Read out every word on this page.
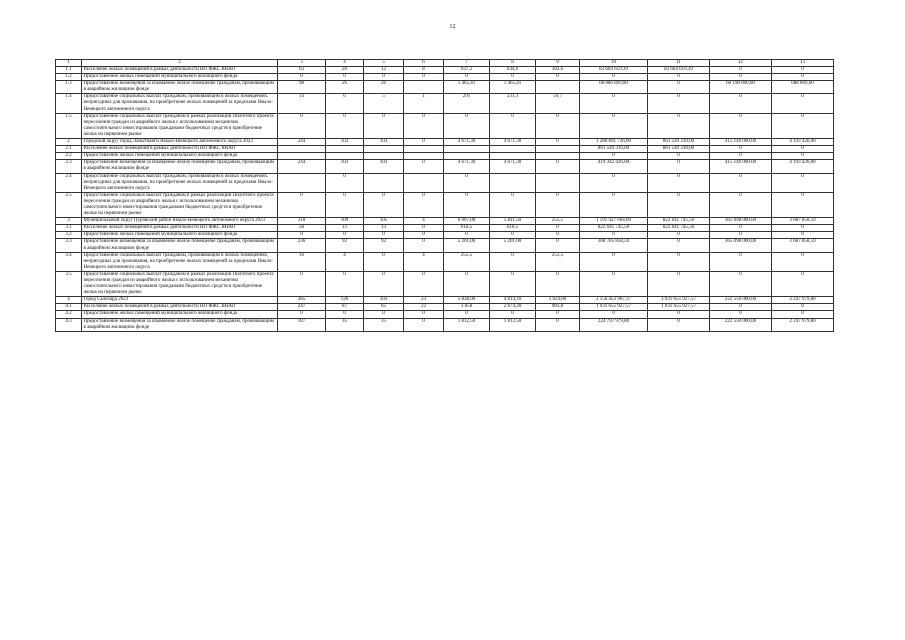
12
1	2	3	4	5	6	7	8	9	10	11	12	13
1.1	Расселение жилых помещений в рамках деятельности НО ФЖС ЯНАО	63	20	12	8	937,2	634,6	302,6	83 664 619,39	83 664 619,39	0	0
1.2	Предоставление жилых помещений муниципального жилищного фонда	0	0	0	0	0	0	0	0	0	0	0
1.3	Предоставление возмещения за изымаемое жилое помещение гражданам, проживающим в аварийном жилищном фонде	98	26	26		1 465,41	1 465,41		68 886 869,00	0	68 198 000,00	688 869,00
1.4	Предоставление социальных выплат гражданам, проживающим в жилых помещениях, непригодных для проживания, на приобретение жилых помещений за пределами Ямало-Ненецкого автономного округа	14	6	5	1	291	231,3	59,7	0	0	0	0
1.5	Предоставление социальных выплат гражданам в рамках реализации Пилотного проекта переселения граждан из аварийного жилья с использованием механизма самостоятельного инвестирования гражданами бюджетных средств в приобретение жилья на первичном рынке	0	0	0	0	0	0	0	0	0	0	0
2	Городской округ город Лабытнанги Ямало-Ненецкого автономного округа 2023	244	103	103	0	4 671,30	4 671,30	0	1 280 891 736,00	861 549 310,00	415 149 000,00	4 193 426,00
2.1	Расселение жилых помещений в рамках деятельности НО ФЖС ЯНАО								861 549 310,00	861 549 310,00	0	0
2.2	Предоставление жилых помещений муниципального жилищного фонда								0	0	0	0
2.3	Предоставление возмещения за изымаемое жилое помещение гражданам, проживающим в аварийном жилищном фонде	244	103	103	0	4 671,30	4 671,30	0	419 342 426,00	0	415 149 000,00	4 193 426,00
2.4	Предоставление социальных выплат гражданам, проживающим в жилых помещениях, непригодных для проживания, на приобретение жилых помещений за пределами Ямало-Ненецкого автономного округа		0			0			0	0	0	0
2.5	Предоставление социальных выплат гражданам в рамках реализации Пилотного проекта переселения граждан из аварийного жилья с использованием механизма самостоятельного инвестирования гражданами бюджетных средств в приобретение жилья на первичном рынке	0	0	0	0	0	0	0	0	0	0	0
3	Муниципальный округ Пуровский район Ямало-Ненецкого автономного округа 2023	310	109	105	4	6 067,00	5 811,50	255,5	1 191 427 604,09	822 641 745,50	365 098 000,00	3 687 858,59
3.1	Расселение жилых помещений в рамках деятельности НО ФЖС ЯНАО	58	13	13	0	610,5	610,5	0	822 641 745,50	822 641 745,50	0	0
3.2	Предоставление жилых помещений муниципального жилищного фонда	0	0	0	0	0	0	0	0	0	0	0
3.3	Предоставление возмещения за изымаемое жилое помещение гражданам, проживающим в аварийном жилищном фонде	236	92	92	0	5 201,00	5 201,00	0	368 785 858,59	0	365 098 000,00	3 687 858,59
3.4	Предоставление социальных выплат гражданам, проживающим в жилых помещениях, непригодных для проживания, на приобретение жилых помещений за пределами Ямало-Ненецкого автономного округа	16	4	0	4	255,5	0	255,5	0	0	0	0
3.5	Предоставление социальных выплат гражданам в рамках реализации Пилотного проекта переселения граждан из аварийного жилья с использованием механизма самостоятельного инвестирования гражданами бюджетных средств в приобретение жилья на первичном рынке	0	0	0	0	0	0	0	0	0	0	0
4	Город Салехард 2023	385	126	103	23	5 838,90	4 814,10	1 024,80	2 156 453 907,37	1 931 655 927,57	222 550 000,00	2 247 979,80
4.1	Расселение жилых помещений в рамках деятельности НО ФЖС ЯНАО	247	87	65	22	3 858	2 874,20	983,8	1 931 655 927,57	1 931 655 927,57	0	0
4.2	Предоставление жилых помещений муниципального жилищного фонда	0	0	0	0	0	0	0	0	0	0	0
4.3	Предоставление возмещения за изымаемое жилое помещение гражданам, проживающим в аварийном жилищном фонде	107	35	35	0	1 812,50	1 812,50	0	224 797 979,80	0	222 550 000,00	2 247 979,80
